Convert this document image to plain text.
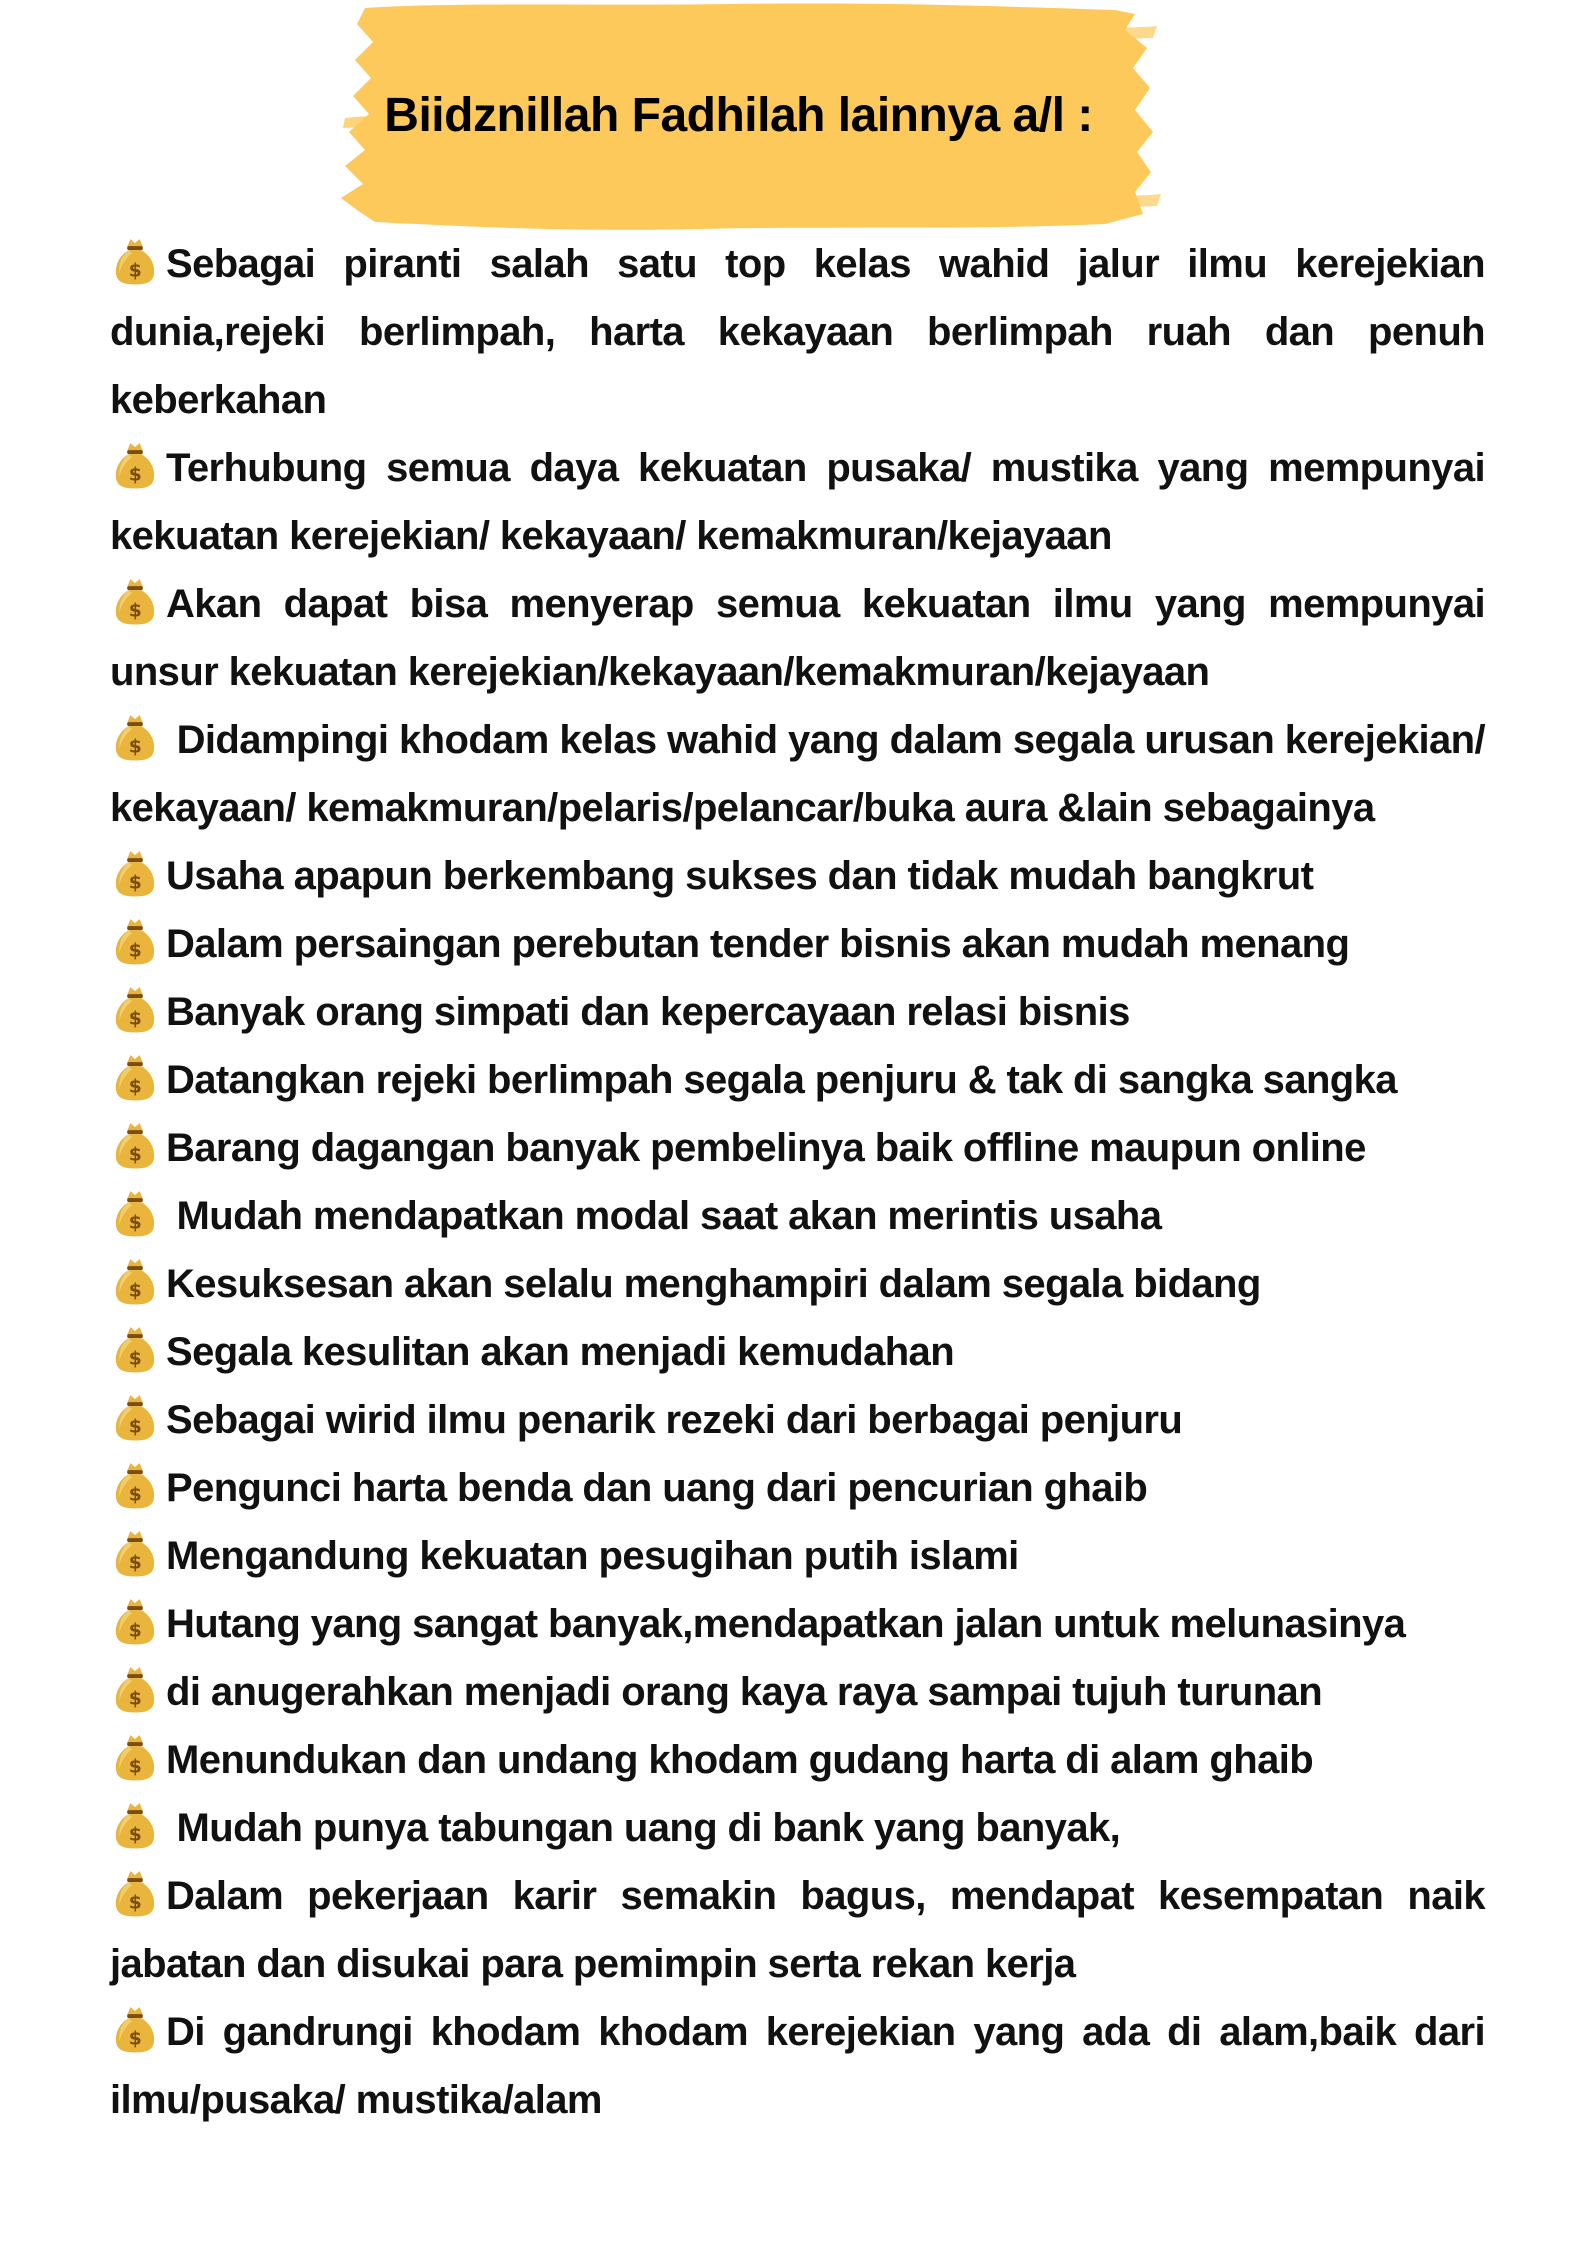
Biidznillah Fadhilah lainnya a/l :
$ Sebagai piranti salah satu top kelas wahid jalur ilmu kerejekian dunia,rejeki berlimpah, harta kekayaan berlimpah ruah dan penuh keberkahan
$ Terhubung semua daya kekuatan pusaka/ mustika yang mempunyai kekuatan kerejekian/ kekayaan/ kemakmuran/kejayaan
$ Akan dapat bisa menyerap semua kekuatan ilmu yang mempunyai unsur kekuatan kerejekian/kekayaan/kemakmuran/kejayaan
$ Didampingi khodam kelas wahid yang dalam segala urusan kerejekian/ kekayaan/ kemakmuran/pelaris/pelancar/buka aura &lain sebagainya
$ Usaha apapun berkembang sukses dan tidak mudah bangkrut
$ Dalam persaingan perebutan tender bisnis akan mudah menang
$ Banyak orang simpati dan kepercayaan relasi bisnis
$ Datangkan rejeki berlimpah segala penjuru & tak di sangka sangka
$ Barang dagangan banyak pembelinya baik offline maupun online
$ Mudah mendapatkan modal saat akan merintis usaha
$ Kesuksesan akan selalu menghampiri dalam segala bidang
$ Segala kesulitan akan menjadi kemudahan
$ Sebagai wirid ilmu penarik rezeki dari berbagai penjuru
$ Pengunci harta benda dan uang dari pencurian ghaib
$ Mengandung kekuatan pesugihan putih islami
$ Hutang yang sangat banyak,mendapatkan jalan untuk melunasinya
$ di anugerahkan menjadi orang kaya raya sampai tujuh turunan
$ Menundukan dan undang khodam gudang harta di alam ghaib
$ Mudah punya tabungan uang di bank yang banyak,
$ Dalam pekerjaan karir semakin bagus, mendapat kesempatan naik jabatan dan disukai para pemimpin serta rekan kerja
$ Di gandrungi khodam khodam kerejekian yang ada di alam,baik dari ilmu/pusaka/ mustika/alam
